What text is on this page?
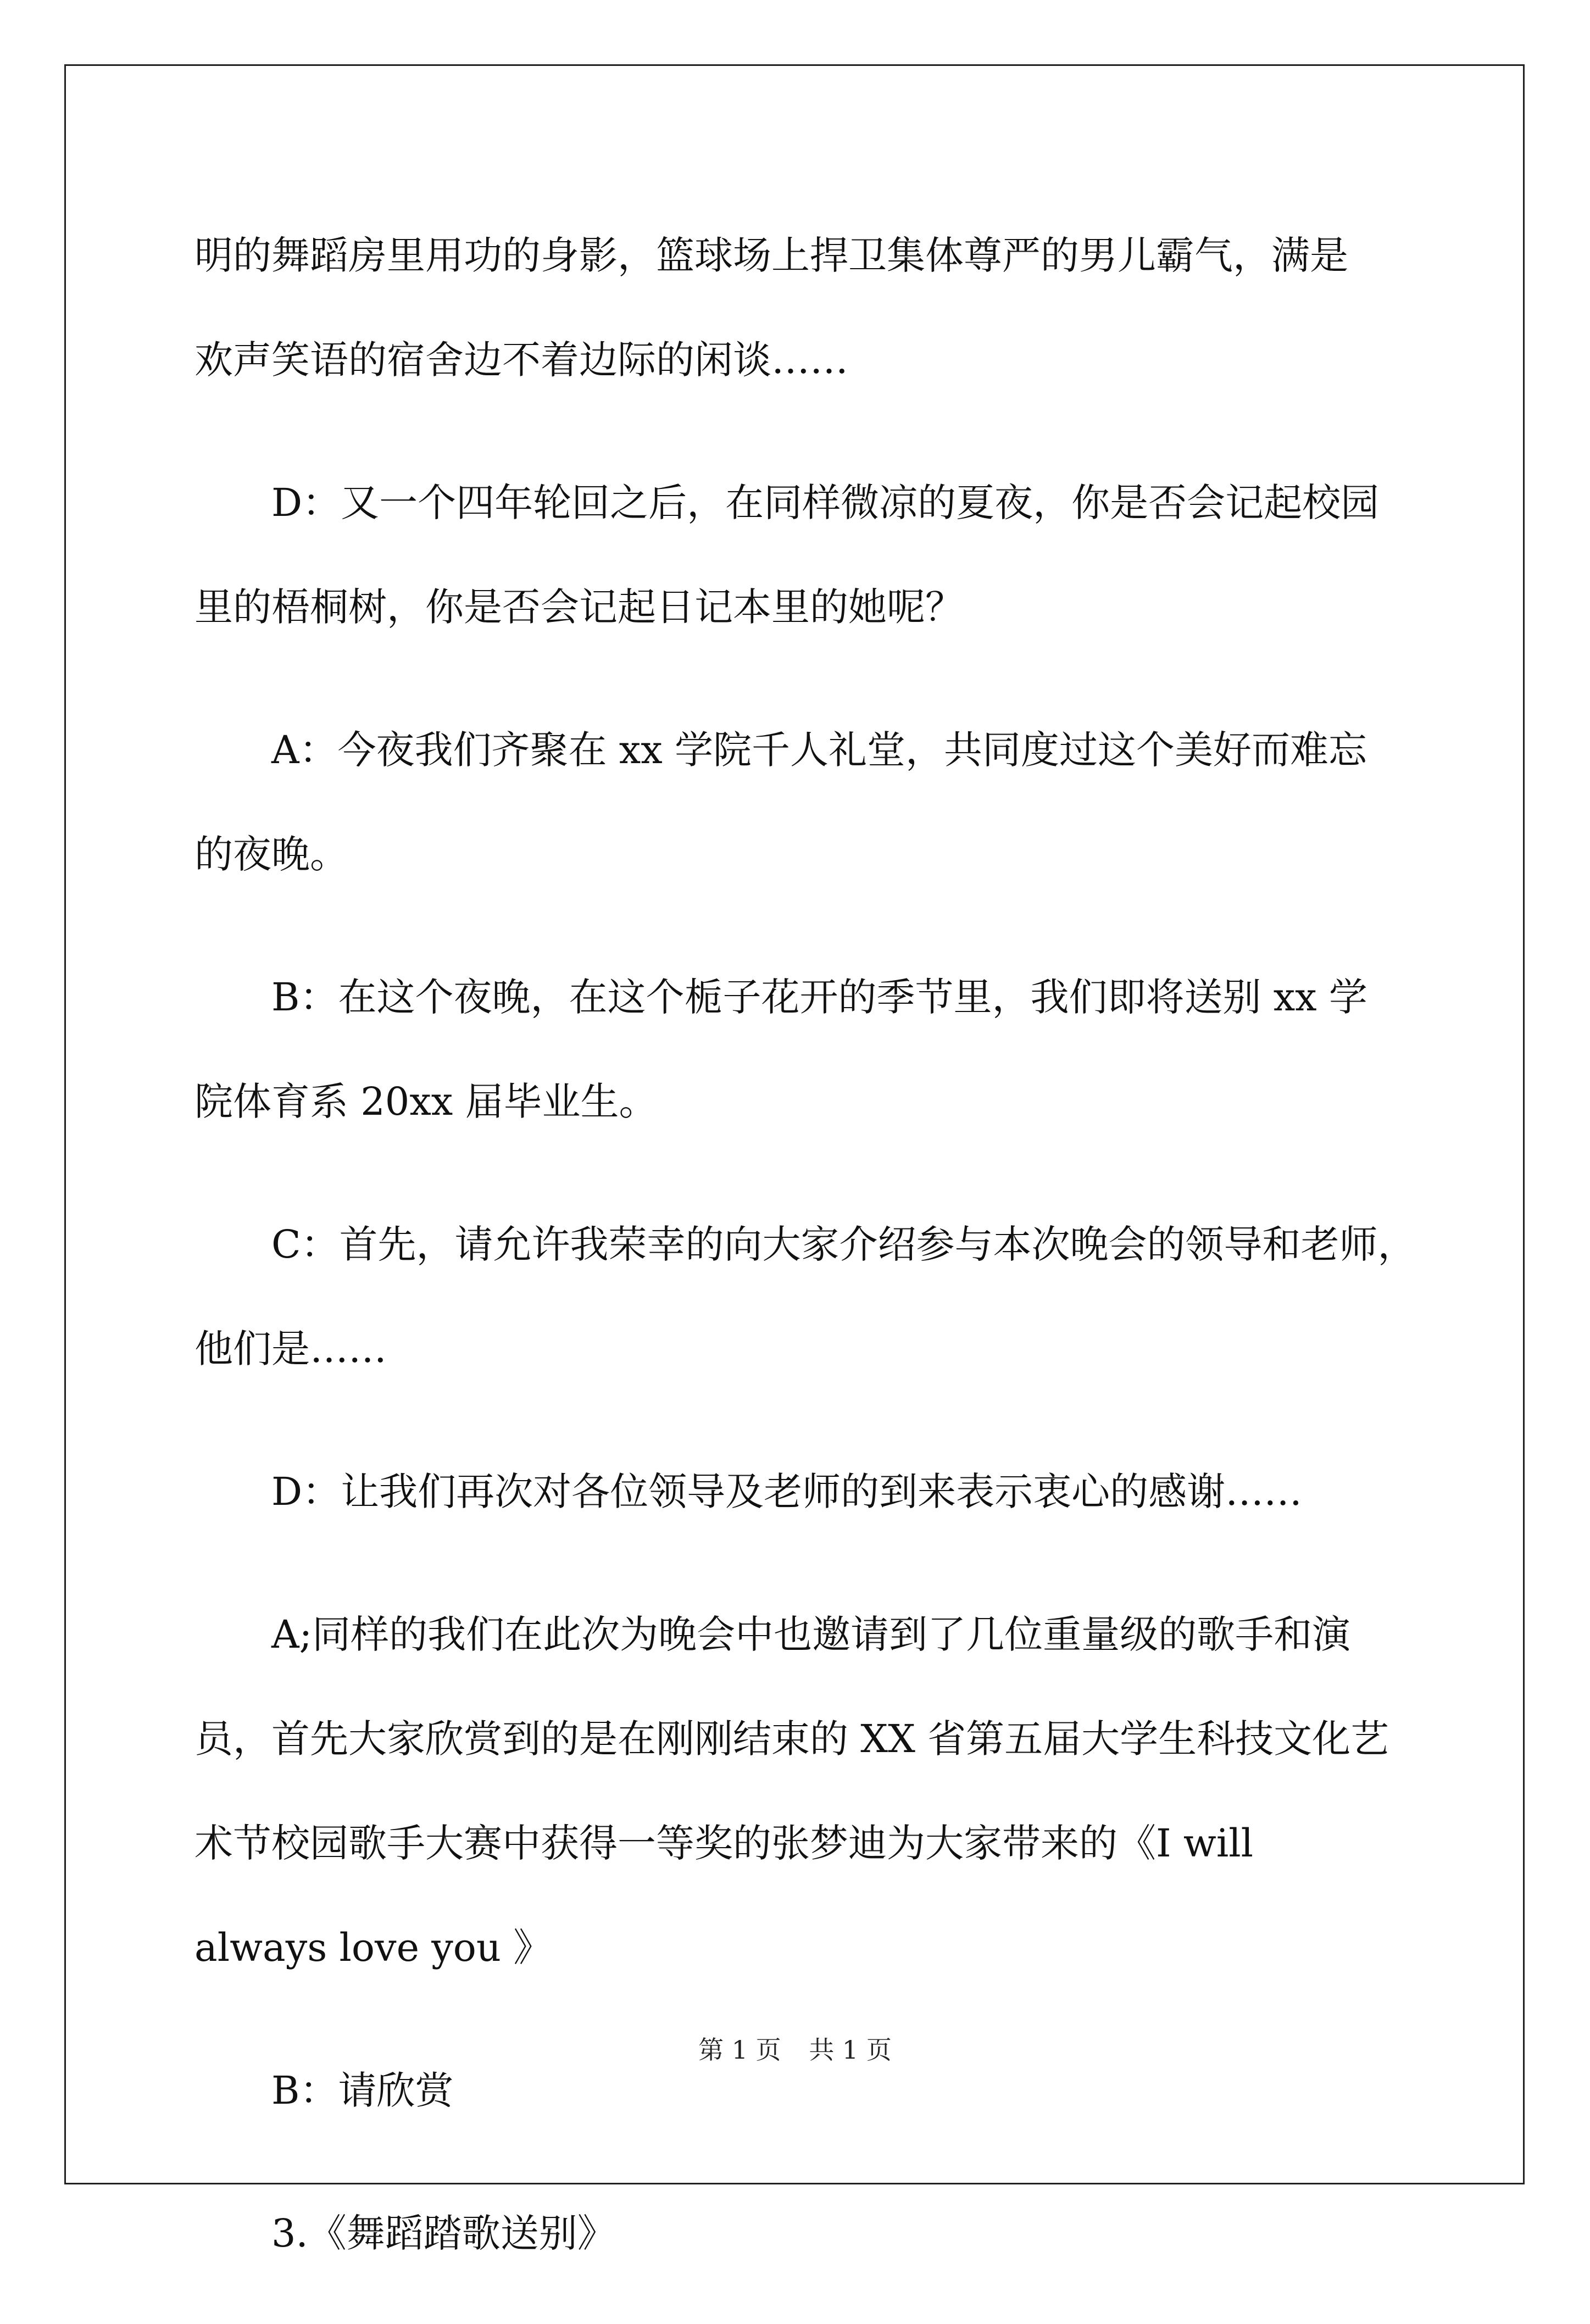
明的舞蹈房里用功的身影，篮球场上捍卫集体尊严的男儿霸气，满是
欢声笑语的宿舍边不着边际的闲谈……

D：又一个四年轮回之后，在同样微凉的夏夜，你是否会记起校园
里的梧桐树，你是否会记起日记本里的她呢？

A：今夜我们齐聚在 xx 学院千人礼堂，共同度过这个美好而难忘
的夜晚。

B：在这个夜晚，在这个栀子花开的季节里，我们即将送别 xx 学
院体育系 20xx 届毕业生。

C：首先，请允许我荣幸的向大家介绍参与本次晚会的领导和老师，
他们是……

D：让我们再次对各位领导及老师的到来表示衷心的感谢……

A;同样的我们在此次为晚会中也邀请到了几位重量级的歌手和演
员，首先大家欣赏到的是在刚刚结束的 XX 省第五届大学生科技文化艺
术节校园歌手大赛中获得一等奖的张梦迪为大家带来的《I will
always love you 》

B：请欣赏

3.《舞蹈踏歌送别》

第 1 页 共 1 页
